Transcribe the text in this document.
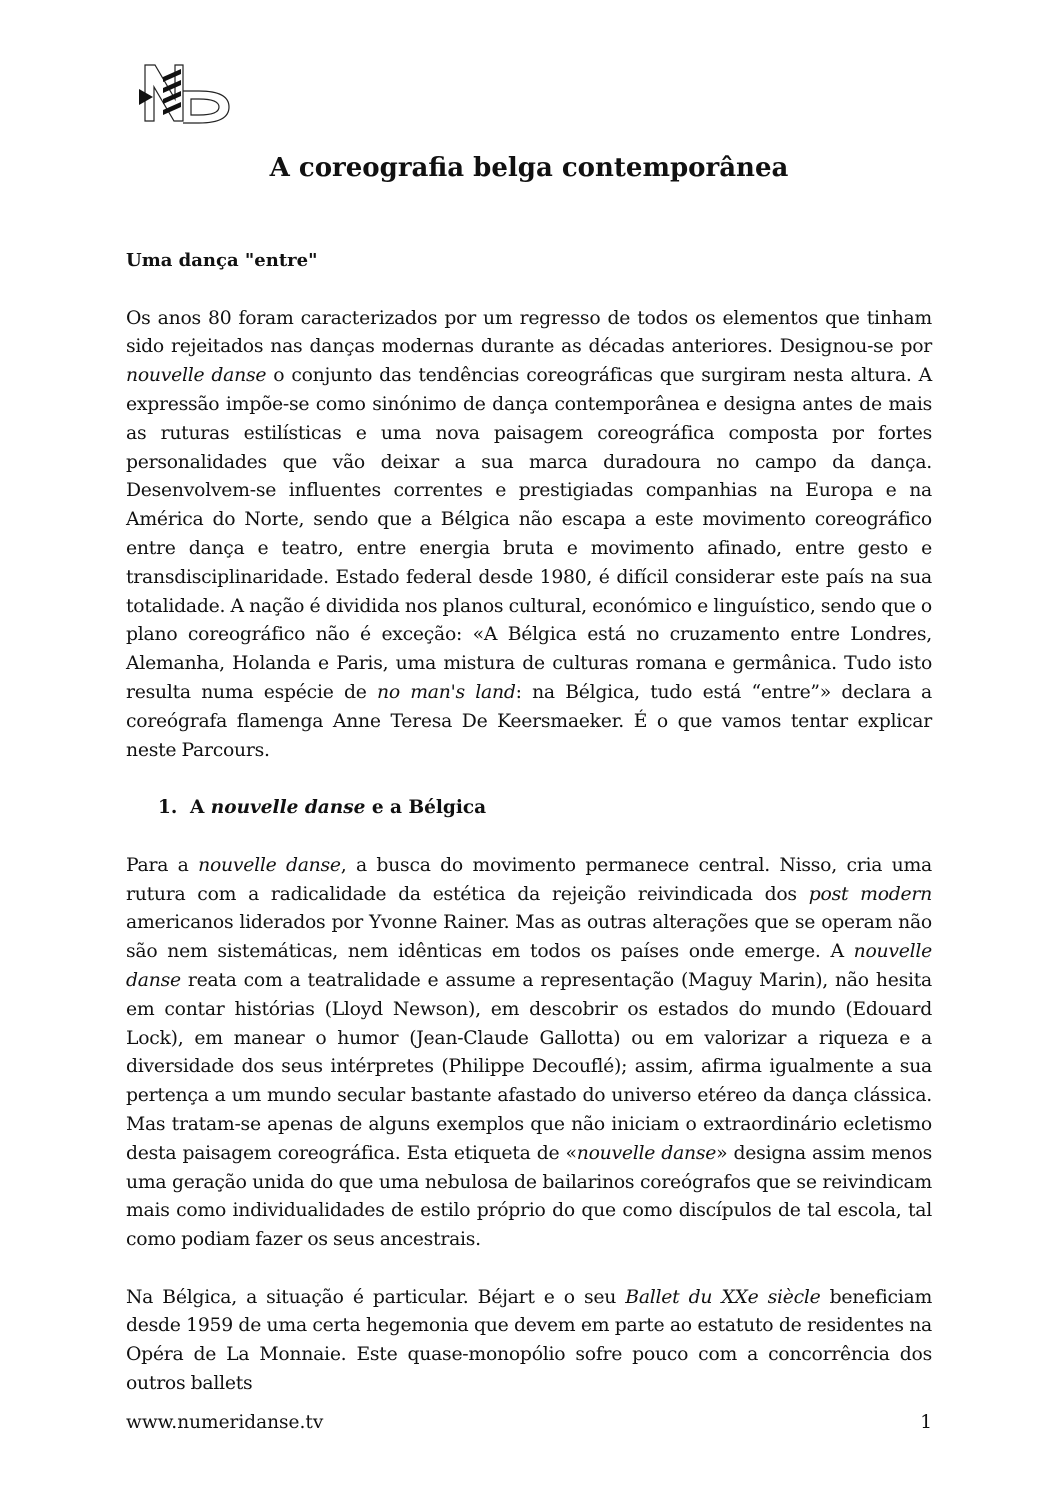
A coreografia belga contemporânea
Uma dança "entre"

Os anos 80 foram caracterizados por um regresso de todos os elementos que tinham sido rejeitados nas danças modernas durante as décadas anteriores. Designou-se por nouvelle danse o conjunto das tendências coreográficas que surgiram nesta altura. A expressão impõe-se como sinónimo de dança contemporânea e designa antes de mais as ruturas estilísticas e uma nova paisagem coreográfica composta por fortes personalidades que vão deixar a sua marca duradoura no campo da dança. Desenvolvem-se influentes correntes e prestigiadas companhias na Europa e na América do Norte, sendo que a Bélgica não escapa a este movimento coreográfico entre dança e teatro, entre energia bruta e movimento afinado, entre gesto e transdisciplinaridade. Estado federal desde 1980, é difícil considerar este país na sua totalidade. A nação é dividida nos planos cultural, económico e linguístico, sendo que o plano coreográfico não é exceção: «A Bélgica está no cruzamento entre Londres, Alemanha, Holanda e Paris, uma mistura de culturas romana e germânica. Tudo isto resulta numa espécie de no man's land: na Bélgica, tudo está “entre”» declara a coreógrafa flamenga Anne Teresa De Keersmaeker. É o que vamos tentar explicar neste Parcours.

1. A nouvelle danse e a Bélgica

Para a nouvelle danse, a busca do movimento permanece central. Nisso, cria uma rutura com a radicalidade da estética da rejeição reivindicada dos post modern americanos liderados por Yvonne Rainer. Mas as outras alterações que se operam não são nem sistemáticas, nem idênticas em todos os países onde emerge. A nouvelle danse reata com a teatralidade e assume a representação (Maguy Marin), não hesita em contar histórias (Lloyd Newson), em descobrir os estados do mundo (Edouard Lock), em manear o humor (Jean-Claude Gallotta) ou em valorizar a riqueza e a diversidade dos seus intérpretes (Philippe Decouflé); assim, afirma igualmente a sua pertença a um mundo secular bastante afastado do universo etéreo da dança clássica. Mas tratam-se apenas de alguns exemplos que não iniciam o extraordinário ecletismo desta paisagem coreográfica. Esta etiqueta de «nouvelle danse» designa assim menos uma geração unida do que uma nebulosa de bailarinos coreógrafos que se reivindicam mais como individualidades de estilo próprio do que como discípulos de tal escola, tal como podiam fazer os seus ancestrais.

Na Bélgica, a situação é particular. Béjart e o seu Ballet du XXe siècle beneficiam desde 1959 de uma certa hegemonia que devem em parte ao estatuto de residentes na Opéra de La Monnaie. Este quase-monopólio sofre pouco com a concorrência dos outros ballets

www.numeridanse.tv	1
